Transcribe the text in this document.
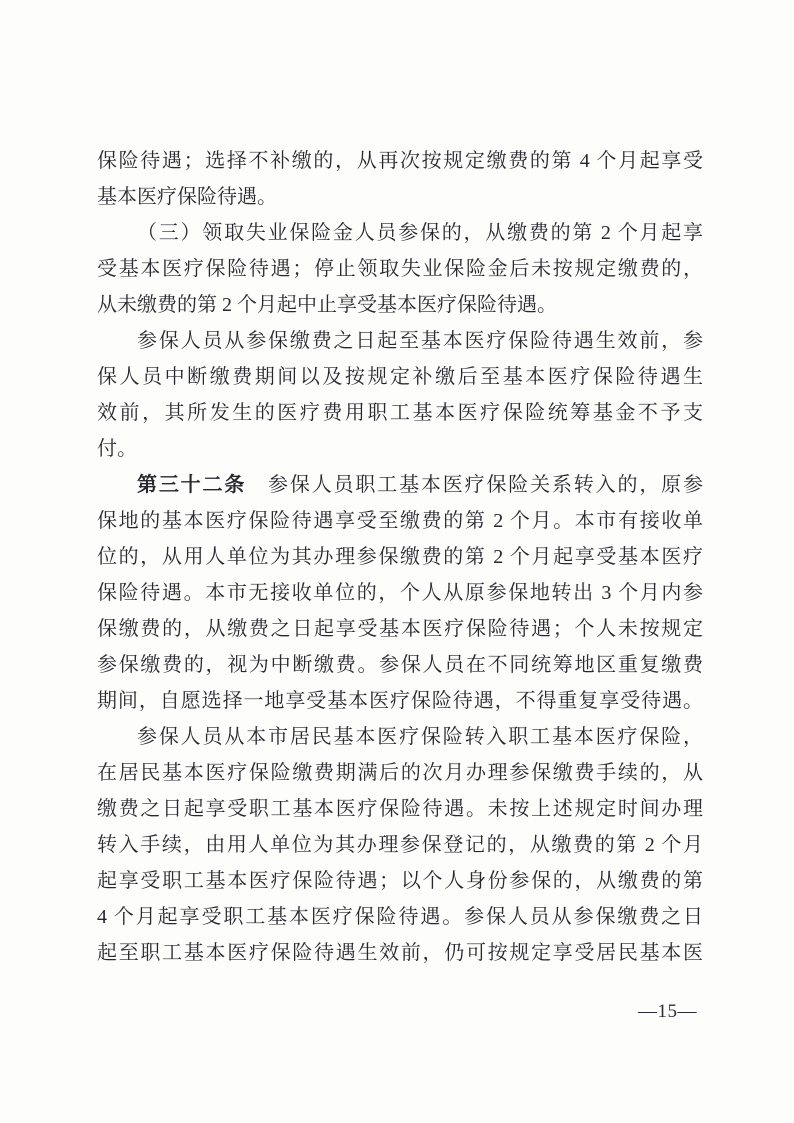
保险待遇；选择不补缴的，从再次按规定缴费的第 4 个月起享受
基本医疗保险待遇。
（三）领取失业保险金人员参保的，从缴费的第 2 个月起享
受基本医疗保险待遇；停止领取失业保险金后未按规定缴费的，
从未缴费的第 2 个月起中止享受基本医疗保险待遇。
参保人员从参保缴费之日起至基本医疗保险待遇生效前，参
保人员中断缴费期间以及按规定补缴后至基本医疗保险待遇生
效前，其所发生的医疗费用职工基本医疗保险统筹基金不予支
付。
第三十二条　参保人员职工基本医疗保险关系转入的，原参
保地的基本医疗保险待遇享受至缴费的第 2 个月。本市有接收单
位的，从用人单位为其办理参保缴费的第 2 个月起享受基本医疗
保险待遇。本市无接收单位的，个人从原参保地转出 3 个月内参
保缴费的，从缴费之日起享受基本医疗保险待遇；个人未按规定
参保缴费的，视为中断缴费。参保人员在不同统筹地区重复缴费
期间，自愿选择一地享受基本医疗保险待遇，不得重复享受待遇。
参保人员从本市居民基本医疗保险转入职工基本医疗保险，
在居民基本医疗保险缴费期满后的次月办理参保缴费手续的，从
缴费之日起享受职工基本医疗保险待遇。未按上述规定时间办理
转入手续，由用人单位为其办理参保登记的，从缴费的第 2 个月
起享受职工基本医疗保险待遇；以个人身份参保的，从缴费的第
4 个月起享受职工基本医疗保险待遇。参保人员从参保缴费之日
起至职工基本医疗保险待遇生效前，仍可按规定享受居民基本医
—15—
